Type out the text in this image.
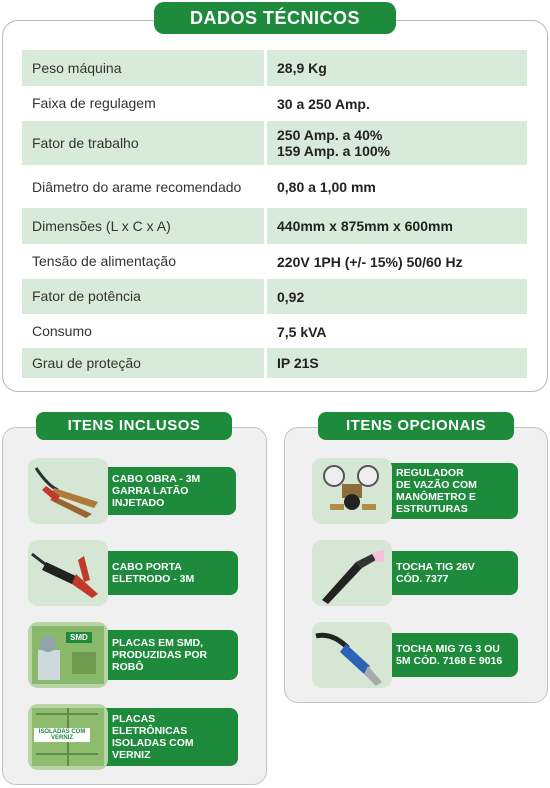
DADOS TÉCNICOS
Peso máquina	28,9 Kg
Faixa de regulagem	30 a 250 Amp.
Fator de trabalho	250 Amp. a 40%
159 Amp. a 100%
Diâmetro do arame recomendado	0,80 a 1,00 mm
Dimensões (L x C x A)	440mm x 875mm x 600mm
Tensão de alimentação	220V 1PH (+/- 15%) 50/60 Hz
Fator de potência	0,92
Consumo	7,5 kVA
Grau de proteção	IP 21S
ITENS INCLUSOS	ITENS OPCIONAIS
CABO OBRA - 3M
GARRA LATÃO
INJETADO
CABO PORTA
ELETRODO - 3M
SMD	PLACAS EM SMD,
PRODUZIDAS POR
ROBÔ
ISOLADAS COM VERNIZ
PLACAS
ELETRÔNICAS
ISOLADAS COM
VERNIZ
REGULADOR
DE VAZÃO COM
MANÔMETRO E
ESTRUTURAS
TOCHA TIG 26V
CÓD. 7377
TOCHA MIG 7G 3 OU
5M CÓD. 7168 E 9016
